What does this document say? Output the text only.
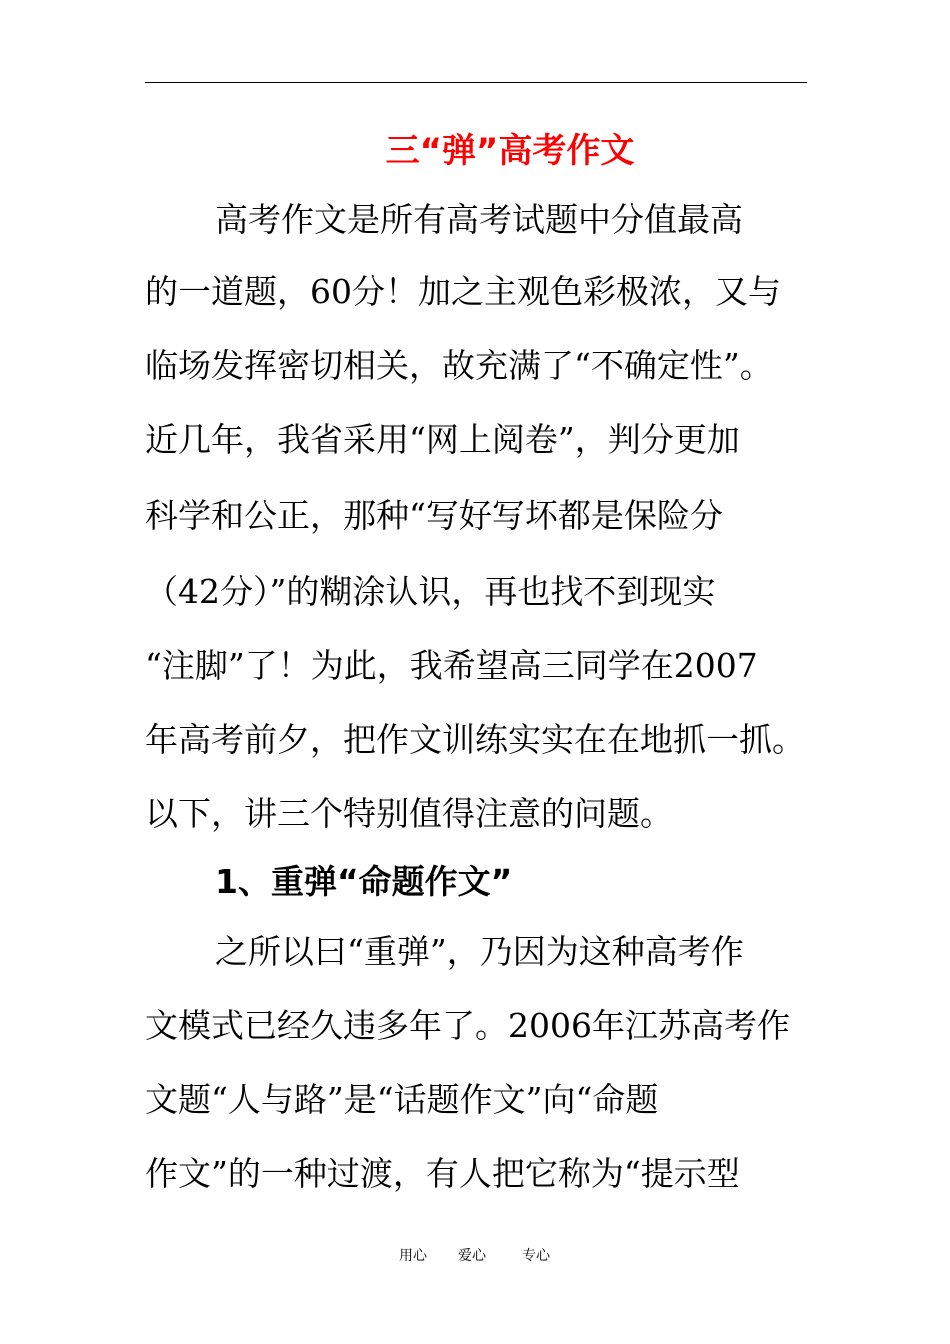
三“弹”高考作文
高考作文是所有高考试题中分值最高
的一道题，60分！加之主观色彩极浓，又与
临场发挥密切相关，故充满了“不确定性”。
近几年，我省采用“网上阅卷”，判分更加
科学和公正，那种“写好写坏都是保险分
（42分）”的糊涂认识，再也找不到现实
“注脚”了！为此，我希望高三同学在2007
年高考前夕，把作文训练实实在在地抓一抓。
以下，讲三个特别值得注意的问题。
1、重弹“命题作文”
之所以曰“重弹”，乃因为这种高考作
文模式已经久违多年了。2006年江苏高考作
文题“人与路”是“话题作文”向“命题
作文”的一种过渡，有人把它称为“提示型
用心 爱心	专心
